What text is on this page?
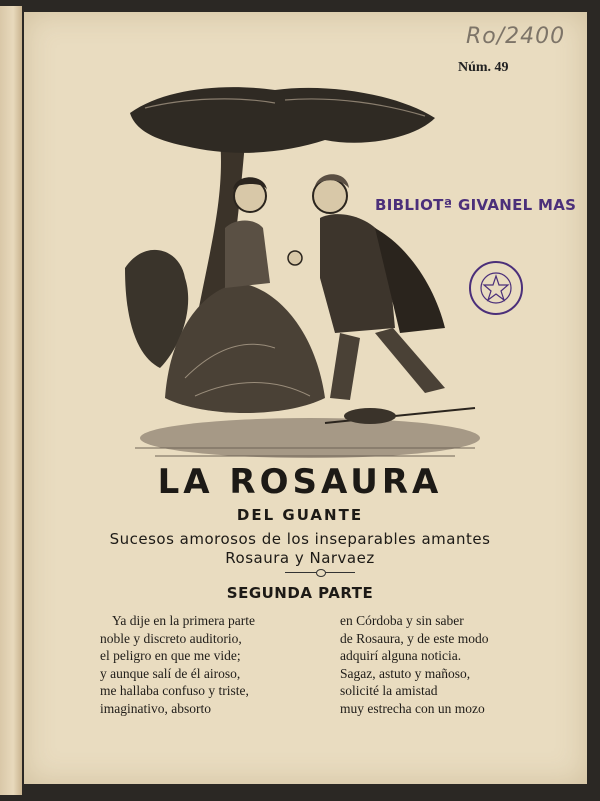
Ro/2400
Núm. 49
BIBLIOTª GIVANEL MAS
LA ROSAURA
DEL GUANTE
Sucesos amorosos de los inseparables amantes
Rosaura y Narvaez
SEGUNDA PARTE
Ya dije en la primera parte
noble y discreto auditorio,
el peligro en que me vide;
y aunque salí de él airoso,
me hallaba confuso y triste,
imaginativo, absorto
en Córdoba y sin saber
de Rosaura, y de este modo
adquirí alguna noticia.
Sagaz, astuto y mañoso,
solicité la amistad
muy estrecha con un mozo
